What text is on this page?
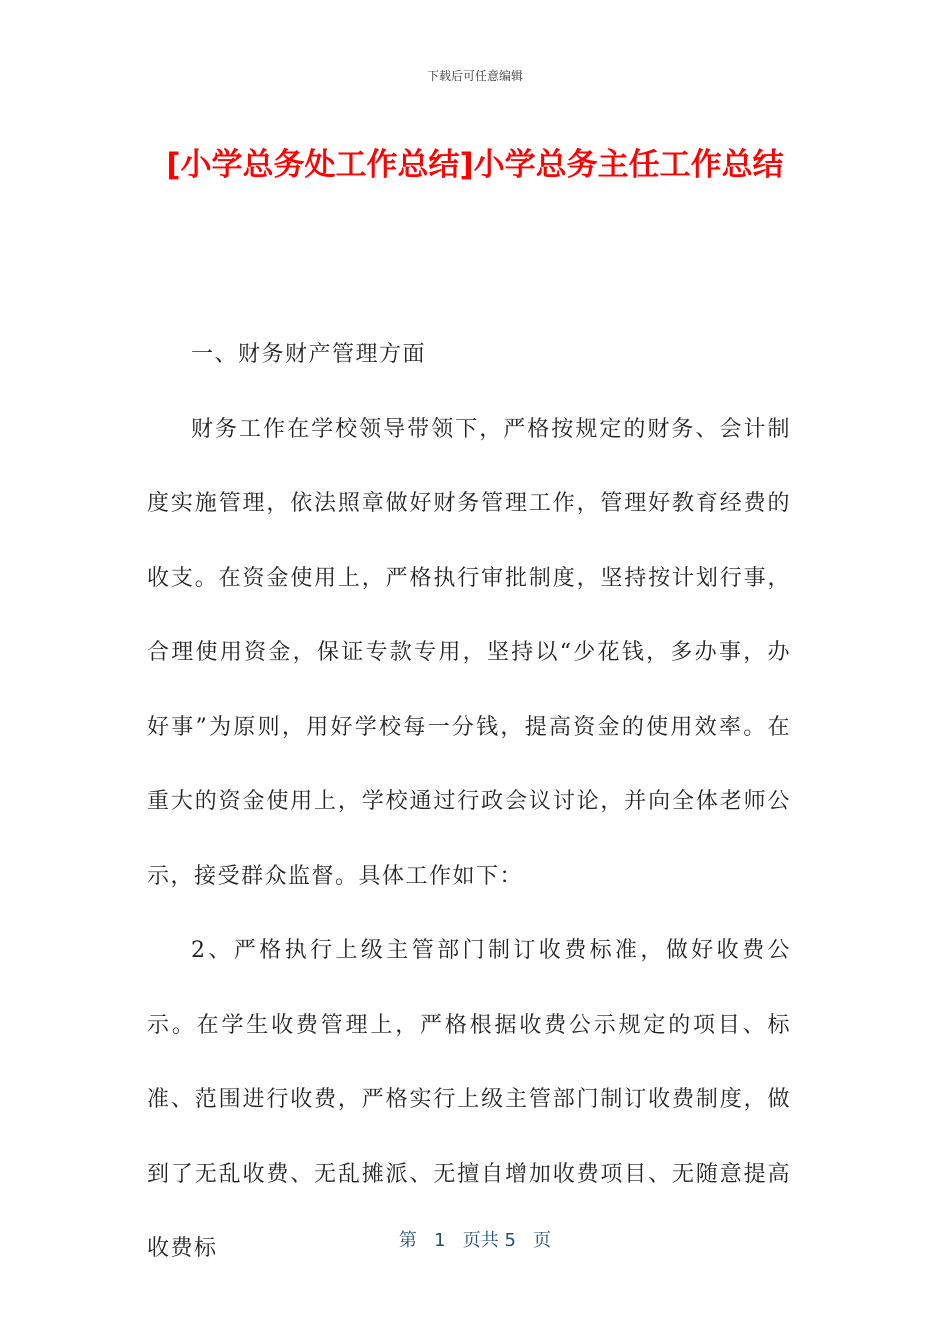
下载后可任意编辑
[小学总务处工作总结]小学总务主任工作总结

一、财务财产管理方面

财务工作在学校领导带领下，严格按规定的财务、会计制度实施管理，依法照章做好财务管理工作，管理好教育经费的收支。在资金使用上，严格执行审批制度，坚持按计划行事，合理使用资金，保证专款专用，坚持以“少花钱，多办事，办好事”为原则，用好学校每一分钱，提高资金的使用效率。在重大的资金使用上，学校通过行政会议讨论，并向全体老师公示，接受群众监督。具体工作如下：

2、严格执行上级主管部门制订收费标准，做好收费公示。在学生收费管理上，严格根据收费公示规定的项目、标准、范围进行收费，严格实行上级主管部门制订收费制度，做到了无乱收费、无乱摊派、无擅自增加收费项目、无随意提高收费标	第 1 页共 5 页
